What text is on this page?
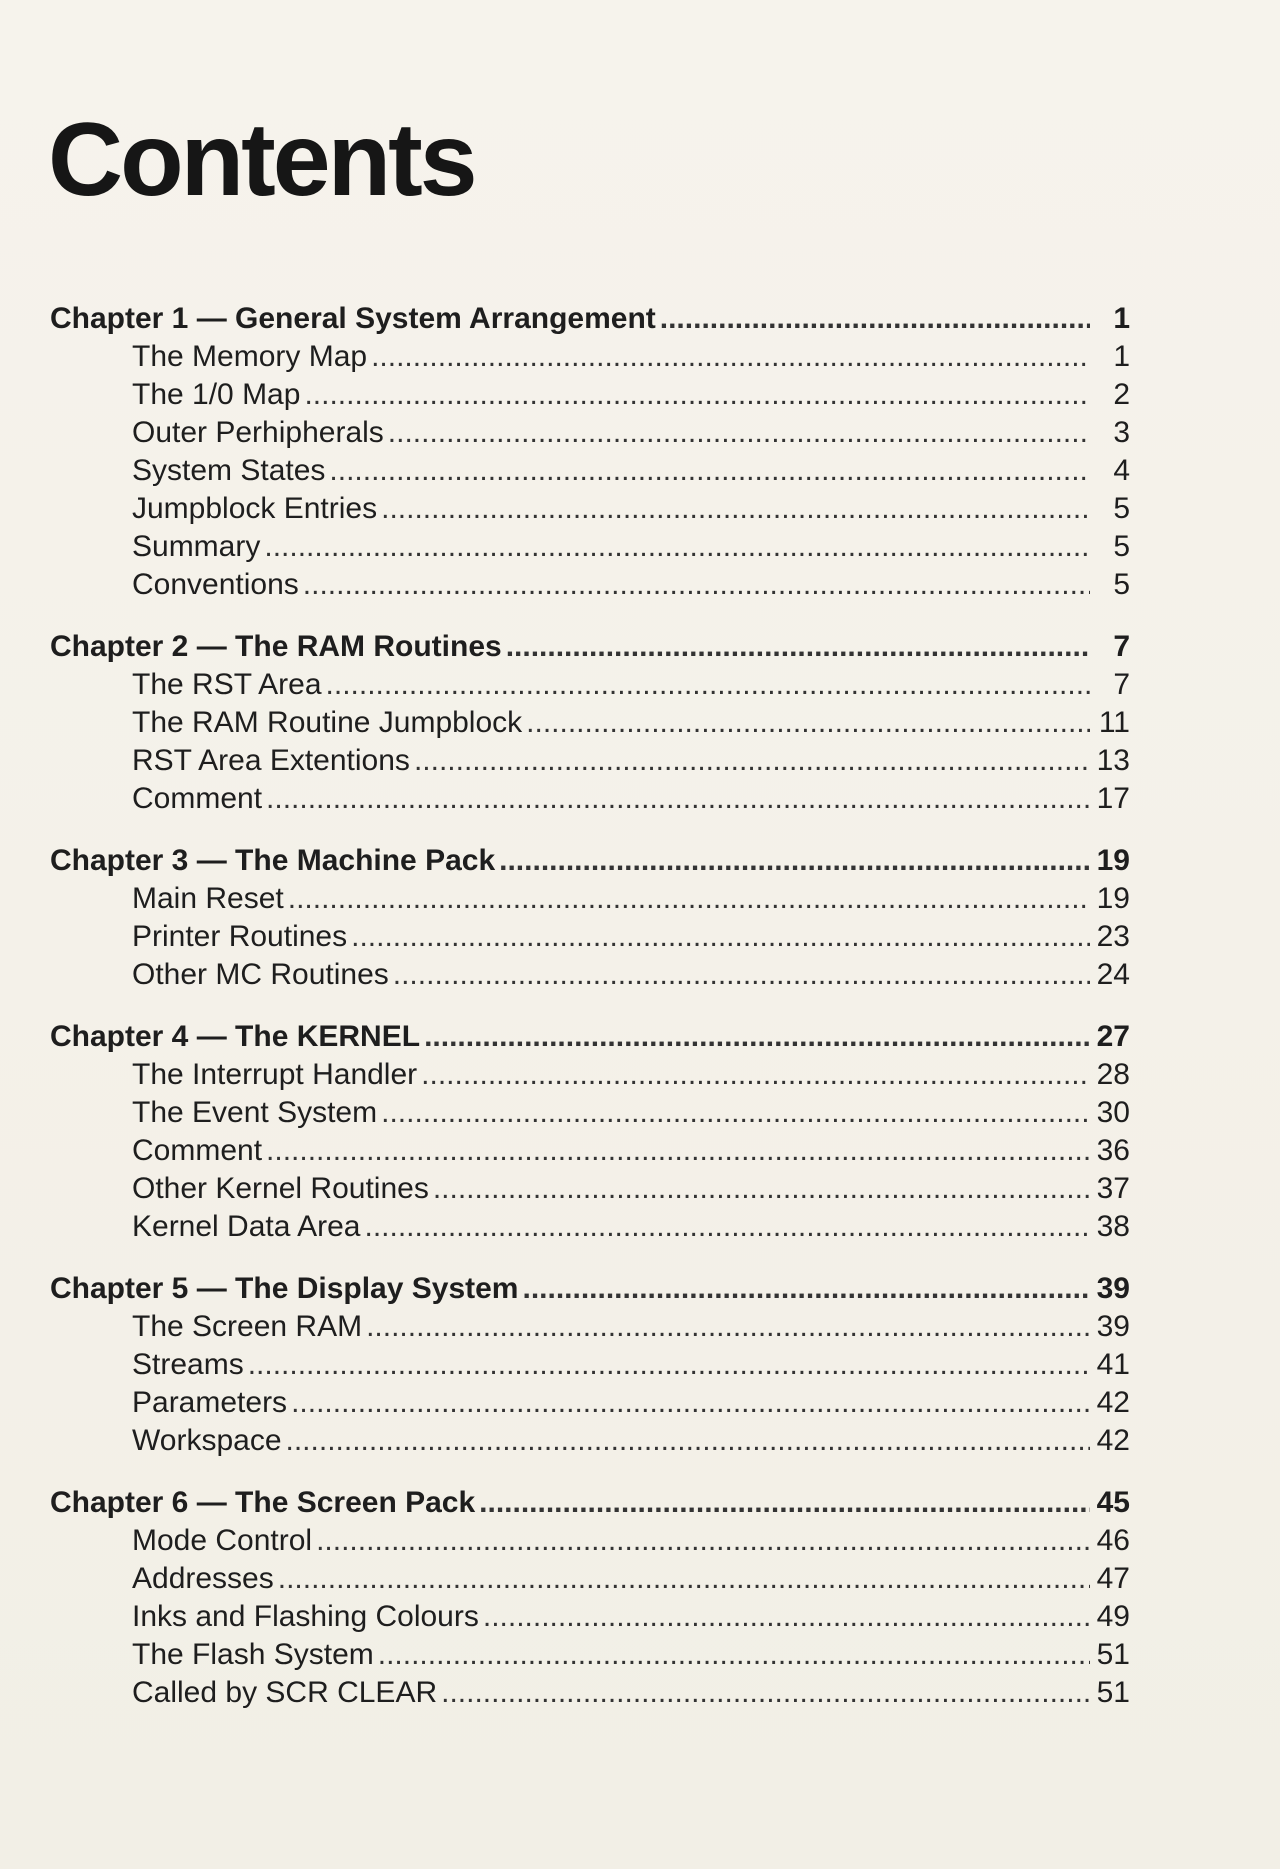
Contents
Chapter 1 — General System Arrangement .....	1
The Memory Map .....	1
The 1/0 Map .....	2
Outer Perhipherals .....	3
System States .....	4
Jumpblock Entries .....	5
Summary .....	5
Conventions .....	5
Chapter 2 — The RAM Routines .....	7
The RST Area .....	7
The RAM Routine Jumpblock .....	11
RST Area Extentions .....	13
Comment .....	17
Chapter 3 — The Machine Pack .....	19
Main Reset .....	19
Printer Routines .....	23
Other MC Routines .....	24
Chapter 4 — The KERNEL .....	27
The Interrupt Handler .....	28
The Event System .....	30
Comment .....	36
Other Kernel Routines .....	37
Kernel Data Area .....	38
Chapter 5 — The Display System .....	39
The Screen RAM .....	39
Streams .....	41
Parameters .....	42
Workspace .....	42
Chapter 6 — The Screen Pack .....	45
Mode Control .....	46
Addresses .....	47
Inks and Flashing Colours .....	49
The Flash System .....	51
Called by SCR CLEAR .....	51
